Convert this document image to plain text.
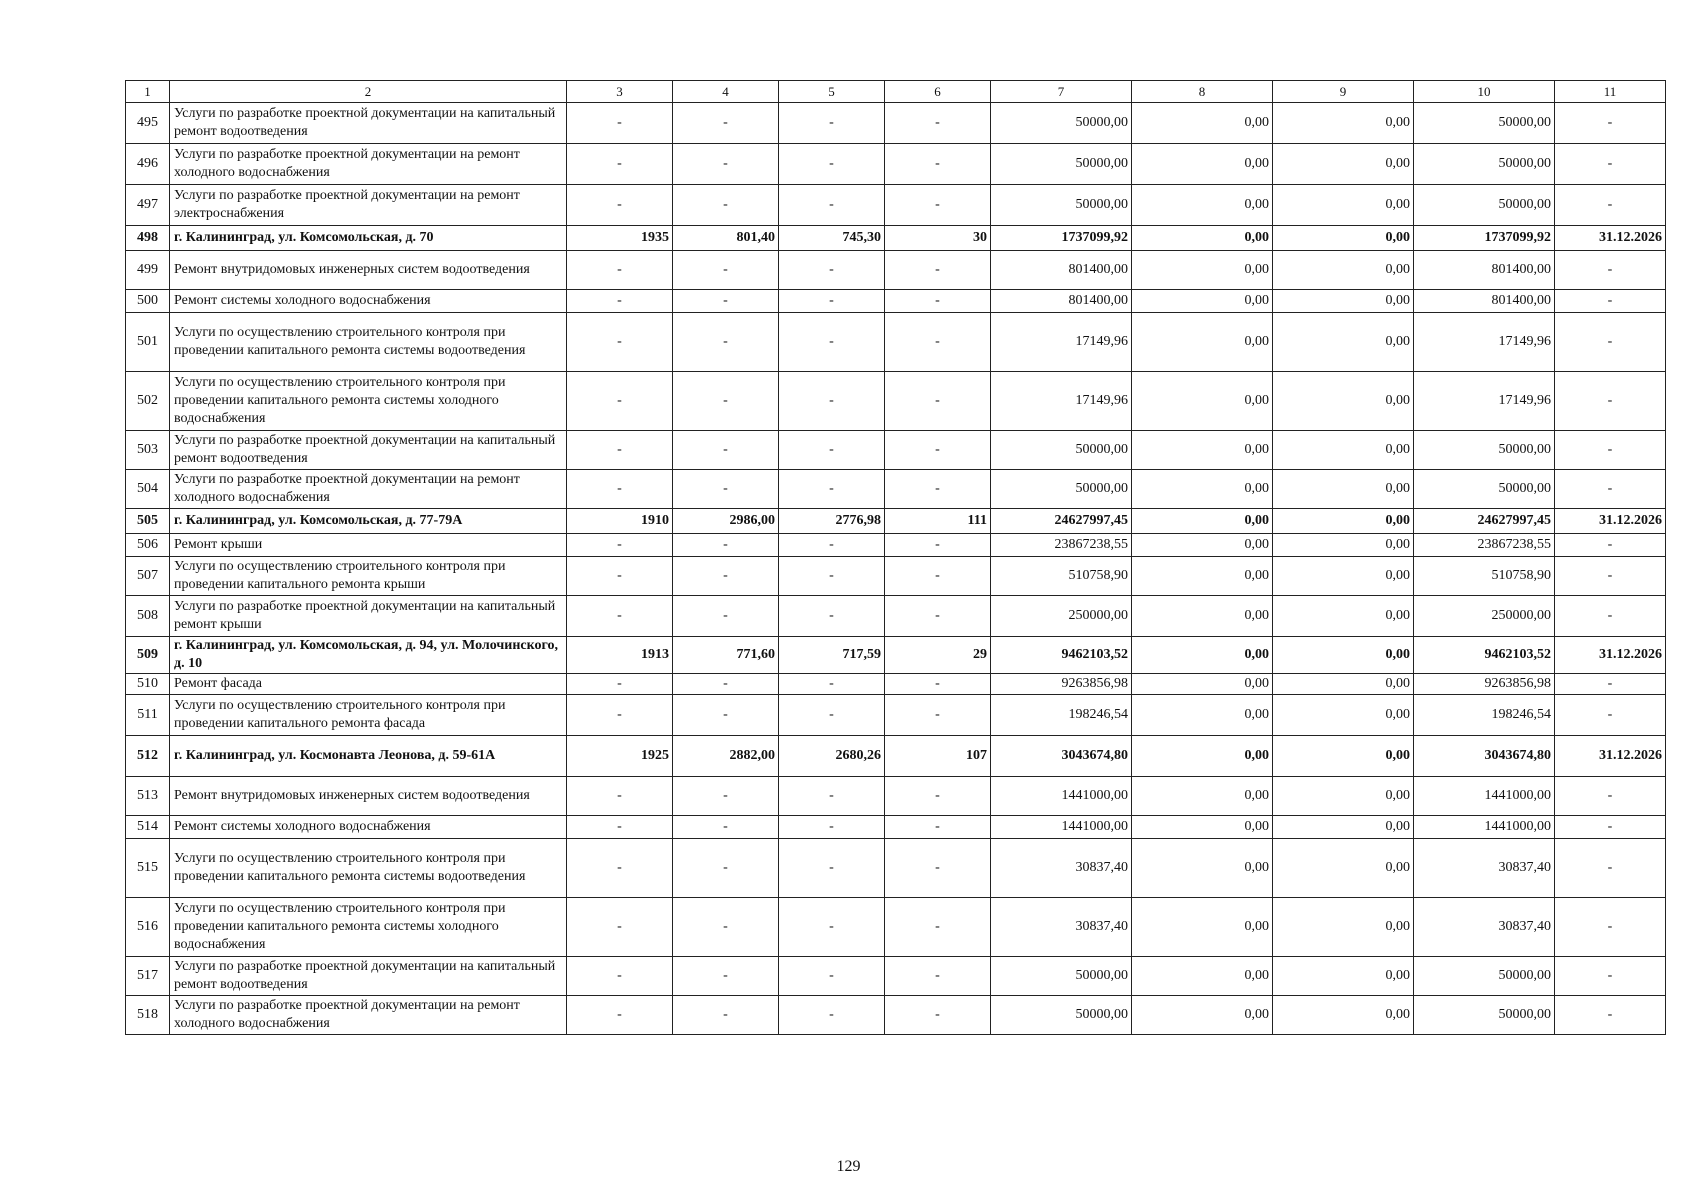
1	2	3	4	5	6	7	8	9	10	11
495	Услуги по разработке проектной документации на капитальный ремонт водоотведения	-	-	-	-	50000,00	0,00	0,00	50000,00	-
496	Услуги по разработке проектной документации на ремонт холодного водоснабжения	-	-	-	-	50000,00	0,00	0,00	50000,00	-
497	Услуги по разработке проектной документации на ремонт электроснабжения	-	-	-	-	50000,00	0,00	0,00	50000,00	-
498	г. Калининград, ул. Комсомольская, д. 70	1935	801,40	745,30	30	1737099,92	0,00	0,00	1737099,92	31.12.2026
499	Ремонт внутридомовых инженерных систем водоотведения	-	-	-	-	801400,00	0,00	0,00	801400,00	-
500	Ремонт системы холодного водоснабжения	-	-	-	-	801400,00	0,00	0,00	801400,00	-
501	Услуги по осуществлению строительного контроля при проведении капитального ремонта системы водоотведения	-	-	-	-	17149,96	0,00	0,00	17149,96	-
502	Услуги по осуществлению строительного контроля при проведении капитального ремонта системы холодного водоснабжения	-	-	-	-	17149,96	0,00	0,00	17149,96	-
503	Услуги по разработке проектной документации на капитальный ремонт водоотведения	-	-	-	-	50000,00	0,00	0,00	50000,00	-
504	Услуги по разработке проектной документации на ремонт холодного водоснабжения	-	-	-	-	50000,00	0,00	0,00	50000,00	-
505	г. Калининград, ул. Комсомольская, д. 77-79А	1910	2986,00	2776,98	111	24627997,45	0,00	0,00	24627997,45	31.12.2026
506	Ремонт крыши	-	-	-	-	23867238,55	0,00	0,00	23867238,55	-
507	Услуги по осуществлению строительного контроля при проведении капитального ремонта крыши	-	-	-	-	510758,90	0,00	0,00	510758,90	-
508	Услуги по разработке проектной документации на капитальный ремонт крыши	-	-	-	-	250000,00	0,00	0,00	250000,00	-
509	г. Калининград, ул. Комсомольская, д. 94, ул. Молочинского, д. 10	1913	771,60	717,59	29	9462103,52	0,00	0,00	9462103,52	31.12.2026
510	Ремонт фасада	-	-	-	-	9263856,98	0,00	0,00	9263856,98	-
511	Услуги по осуществлению строительного контроля при проведении капитального ремонта фасада	-	-	-	-	198246,54	0,00	0,00	198246,54	-
512	г. Калининград, ул. Космонавта Леонова, д. 59-61А	1925	2882,00	2680,26	107	3043674,80	0,00	0,00	3043674,80	31.12.2026
513	Ремонт внутридомовых инженерных систем водоотведения	-	-	-	-	1441000,00	0,00	0,00	1441000,00	-
514	Ремонт системы холодного водоснабжения	-	-	-	-	1441000,00	0,00	0,00	1441000,00	-
515	Услуги по осуществлению строительного контроля при проведении капитального ремонта системы водоотведения	-	-	-	-	30837,40	0,00	0,00	30837,40	-
516	Услуги по осуществлению строительного контроля при проведении капитального ремонта системы холодного водоснабжения	-	-	-	-	30837,40	0,00	0,00	30837,40	-
517	Услуги по разработке проектной документации на капитальный ремонт водоотведения	-	-	-	-	50000,00	0,00	0,00	50000,00	-
518	Услуги по разработке проектной документации на ремонт холодного водоснабжения	-	-	-	-	50000,00	0,00	0,00	50000,00	-
129
